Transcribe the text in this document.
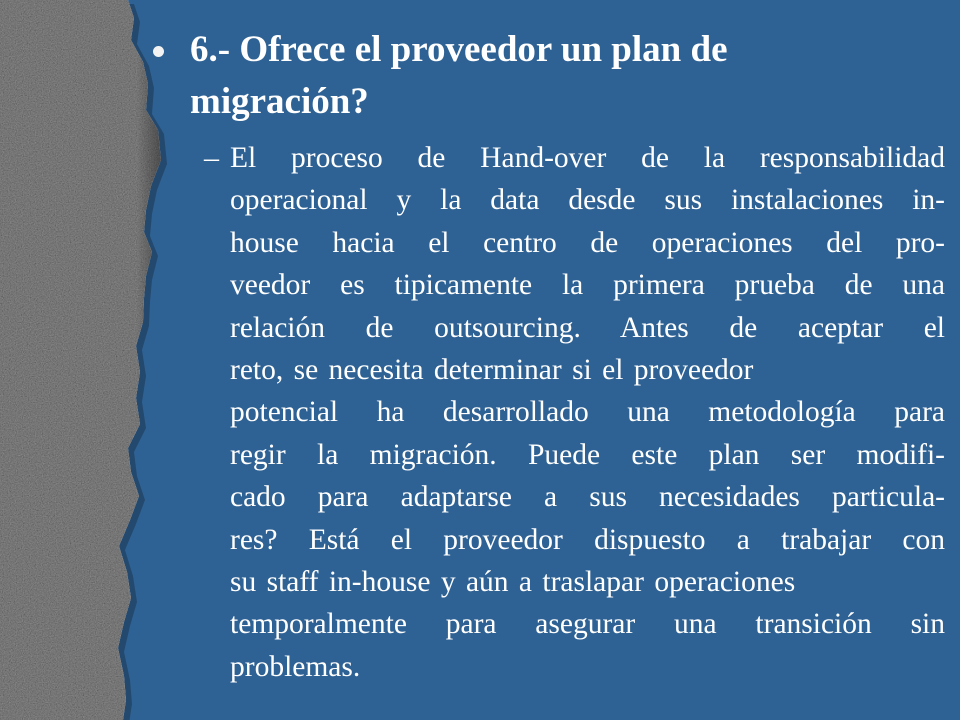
6.- Ofrece el proveedor un plan de
migración?
– El proceso de Hand-over de la responsabilidad
operacional y la data desde sus instalaciones in-
house hacia el centro de operaciones del pro-
veedor es tipicamente la primera prueba de una
relación de outsourcing. Antes de aceptar el
reto, se necesita determinar si el proveedor
potencial ha desarrollado una metodología para
regir la migración. Puede este plan ser modifi-
cado para adaptarse a sus necesidades particula-
res? Está el proveedor dispuesto a trabajar con
su staff in-house y aún a traslapar operaciones
temporalmente para asegurar una transición sin
problemas.
